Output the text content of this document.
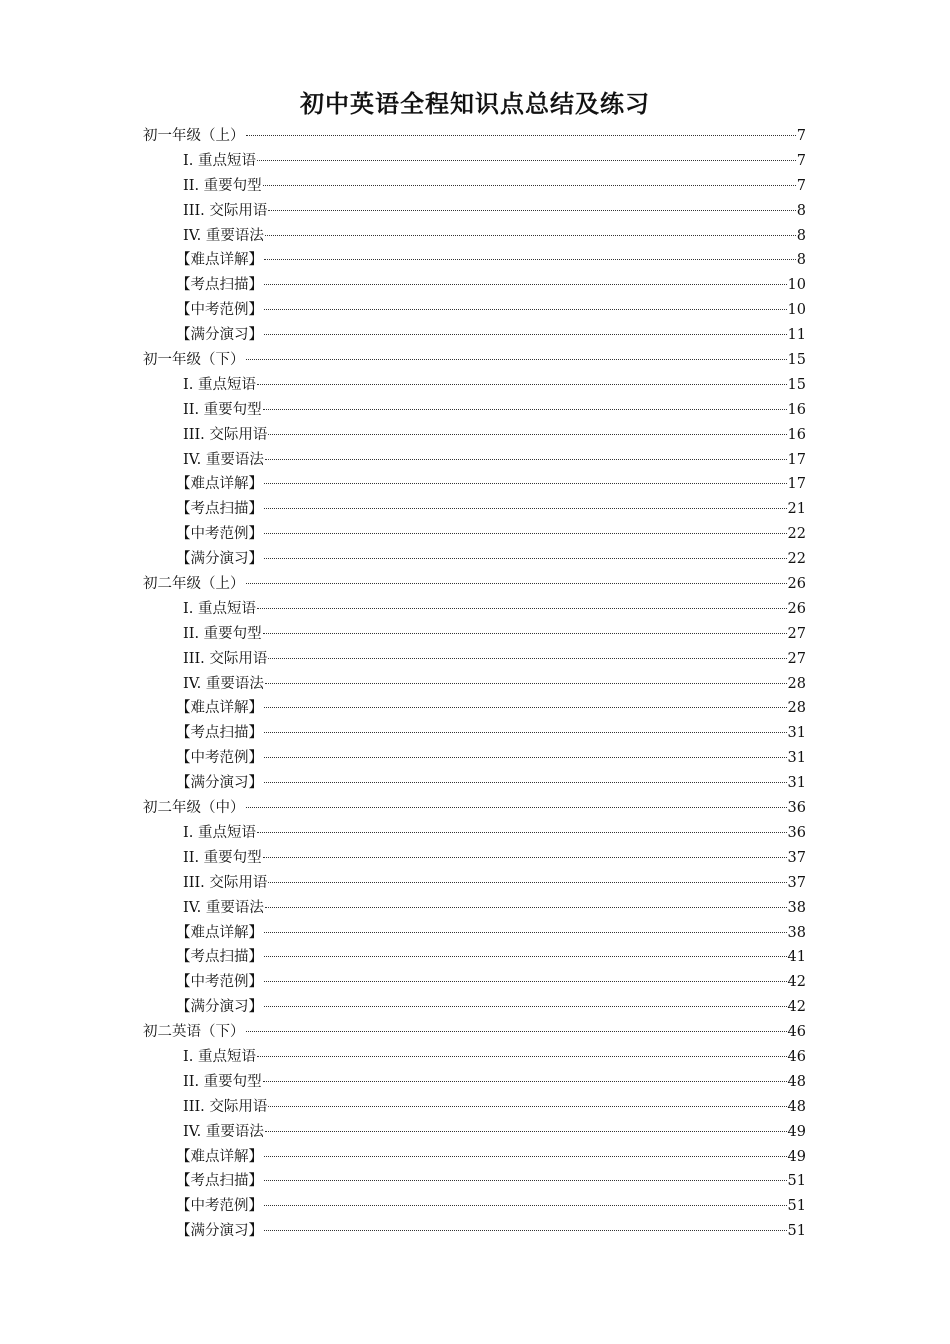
初中英语全程知识点总结及练习
初一年级（上）	7
I. 重点短语	7
II. 重要句型	7
III. 交际用语	8
IV. 重要语法	8
【难点详解】	8
【考点扫描】	10
【中考范例】	10
【满分演习】	11
初一年级（下）	15
I. 重点短语	15
II. 重要句型	16
III. 交际用语	16
IV. 重要语法	17
【难点详解】	17
【考点扫描】	21
【中考范例】	22
【满分演习】	22
初二年级（上）	26
I. 重点短语	26
II. 重要句型	27
III. 交际用语	27
IV. 重要语法	28
【难点详解】	28
【考点扫描】	31
【中考范例】	31
【满分演习】	31
初二年级（中）	36
I. 重点短语	36
II. 重要句型	37
III. 交际用语	37
IV. 重要语法	38
【难点详解】	38
【考点扫描】	41
【中考范例】	42
【满分演习】	42
初二英语（下）	46
I. 重点短语	46
II. 重要句型	48
III. 交际用语	48
IV. 重要语法	49
【难点详解】	49
【考点扫描】	51
【中考范例】	51
【满分演习】	51
